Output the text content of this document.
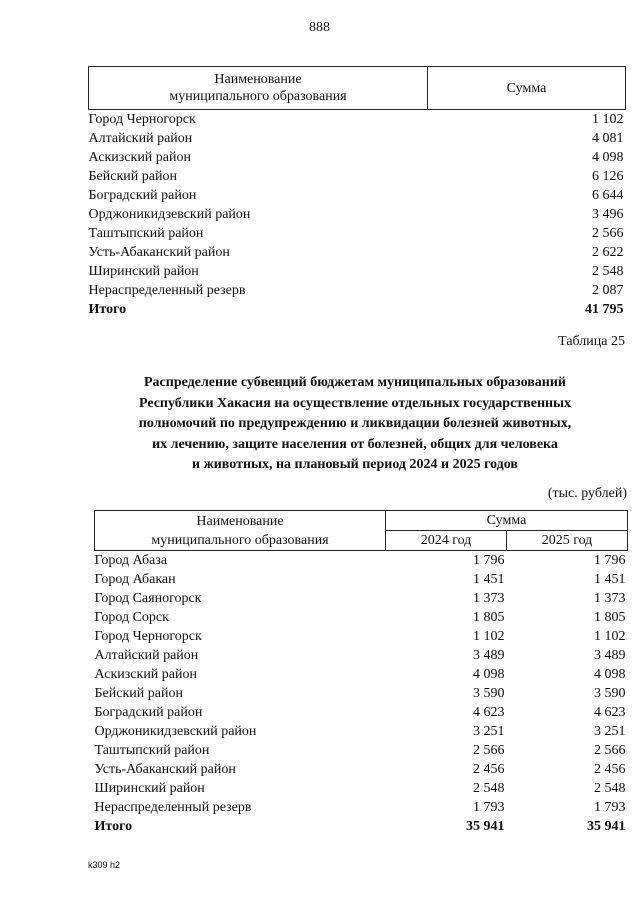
888
Наименование
муниципального образования	Сумма
Город Черногорск	1 102
Алтайский район	4 081
Аскизский район	4 098
Бейский район	6 126
Боградский район	6 644
Орджоникидзевский район	3 496
Таштыпский район	2 566
Усть-Абаканский район	2 622
Ширинский район	2 548
Нераспределенный резерв	2 087
Итого	41 795
Таблица 25
Распределение субвенций бюджетам муниципальных образований
Республики Хакасия на осуществление отдельных государственных
полномочий по предупреждению и ликвидации болезней животных,
их лечению, защите населения от болезней, общих для человека
и животных, на плановый период 2024 и 2025 годов
(тыс. рублей)
Наименование
муниципального образования	Сумма	
	2024 год	2025 год
Город Абаза	1 796	1 796
Город Абакан	1 451	1 451
Город Саяногорск	1 373	1 373
Город Сорск	1 805	1 805
Город Черногорск	1 102	1 102
Алтайский район	3 489	3 489
Аскизский район	4 098	4 098
Бейский район	3 590	3 590
Боградский район	4 623	4 623
Орджоникидзевский район	3 251	3 251
Таштыпский район	2 566	2 566
Усть-Абаканский район	2 456	2 456
Ширинский район	2 548	2 548
Нераспределенный резерв	1 793	1 793
Итого	35 941	35 941
k309 h2
